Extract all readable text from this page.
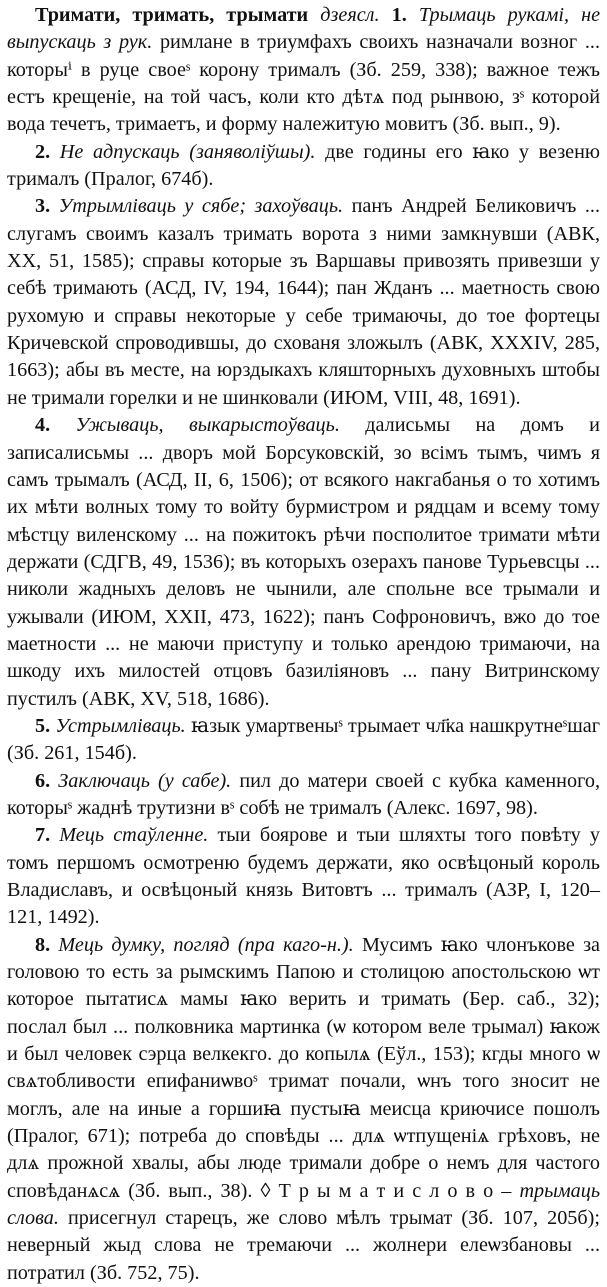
Тримати, тримать, трымати дзеясл. 1. Трымаць рукамі, не выпускаць з рук. римлане в триумфахъ своихъ назначали возног ... которыⁱ в руце своеˢ корону трималъ (Зб. 259, 338); важное тежъ естъ крещеніе, на той часъ, коли кто дѣтѧ под рынвою, зˢ которой вода течетъ, тримаетъ, и форму належитую мовитъ (Зб. вып., 9).

2. Не адпускаць (заняволіўшы). две годины его ꙗко у везеню трималъ (Пралог, 674б).

3. Утрымліваць у сябе; захоўваць. панъ Андрей Беликовичъ ... слугамъ своимъ казалъ тримать ворота з ними замкнувши (АВК, XX, 51, 1585); справы которые зъ Варшавы привозять привезши у себѣ тримають (АСД, IV, 194, 1644); пан Жданъ ... маетность свою рухомую и справы некоторые у себе тримаючы, до тое фортецы Кричевской спроводившы, до схованя зложылъ (АВК, XXXIV, 285, 1663); абы въ месте, на юрздыкахъ кляшторныхъ духовныхъ штобы не тримали горелки и не шинковали (ИЮМ, VIII, 48, 1691).

4. Ужываць, выкарыстоўваць. далисьмы на домъ и записалисьмы ... дворъ мой Борсуковскій, зо всімъ тымъ, чимъ я самъ трымалъ (АСД, II, 6, 1506); от всякого накгабанья о то хотимъ их мѣти волных тому то войту бурмистром и рядцам и всему тому мѣстцу виленскому ... на пожитокъ рѣчи посполитое тримати мѣти держати (СДГВ, 49, 1536); въ которыхъ озерахъ панове Турьевсцы ... николи жадныхъ деловъ не чынили, але спольне все трымали и ужывали (ИЮМ, XXII, 473, 1622); панъ Софроновичъ, вжо до тое маетности ... не маючи приступу и только арендою тримаючи, на шкоду ихъ милостей отцовъ базиліяновъ ... пану Витринскому пустилъ (АВК, XV, 518, 1686).

5. Устрымліваць. ꙗзык умартвеныˢ трымает чл҃ка нашкрутнеˢшаг (Зб. 261, 154б).

6. Заключаць (у сабе). пил до матери своей с кубка каменного, которыˢ жаднѣ трутизни вˢ собѣ не трималъ (Алекс. 1697, 98).

7. Мець стаўленне. тыи боярове и тыи шляхты того повѣту у томъ першомъ осмотреню будемъ держати, яко освѣцоный король Владиславъ, и освѣцоный князь Витовтъ ... трималъ (АЗР, I, 120–121, 1492).

8. Мець думку, погляд (пра каго-н.). Мусимъ ꙗко члонъкове за головою то есть за рымскимъ Папою и столицою апостольскою ѡт которое пытатисѧ мамы ꙗко верить и тримать (Бер. саб., 32); послал был ... полковника мартинка (ѡ котором веле трымал) ꙗкож и был человек сэрца велкекго. до копылѧ (Еўл., 153); кгды много ѡ свѧтобливости епифаниѡвоˢ тримат почали, ѡнъ того зносит не моглъ, але на иные а горшиꙗ пустыꙗ меисца криючисе пошолъ (Пралог, 671); потреба до сповѣды ... длѧ ѡтпущеніѧ грѣховъ, не длѧ прожной хвалы, абы люде тримали добре о немъ для частого сповѣданѧсѧ (Зб. вып., 38). ◊ Т р ы м а т и с л о в о – трымаць слова. присегнул старецъ, же слово мѣлъ трымат (Зб. 107, 205б); неверный жыд слова не тремаючи ... жолнери елеѡзбановы ... потратил (Зб. 752, 75).
